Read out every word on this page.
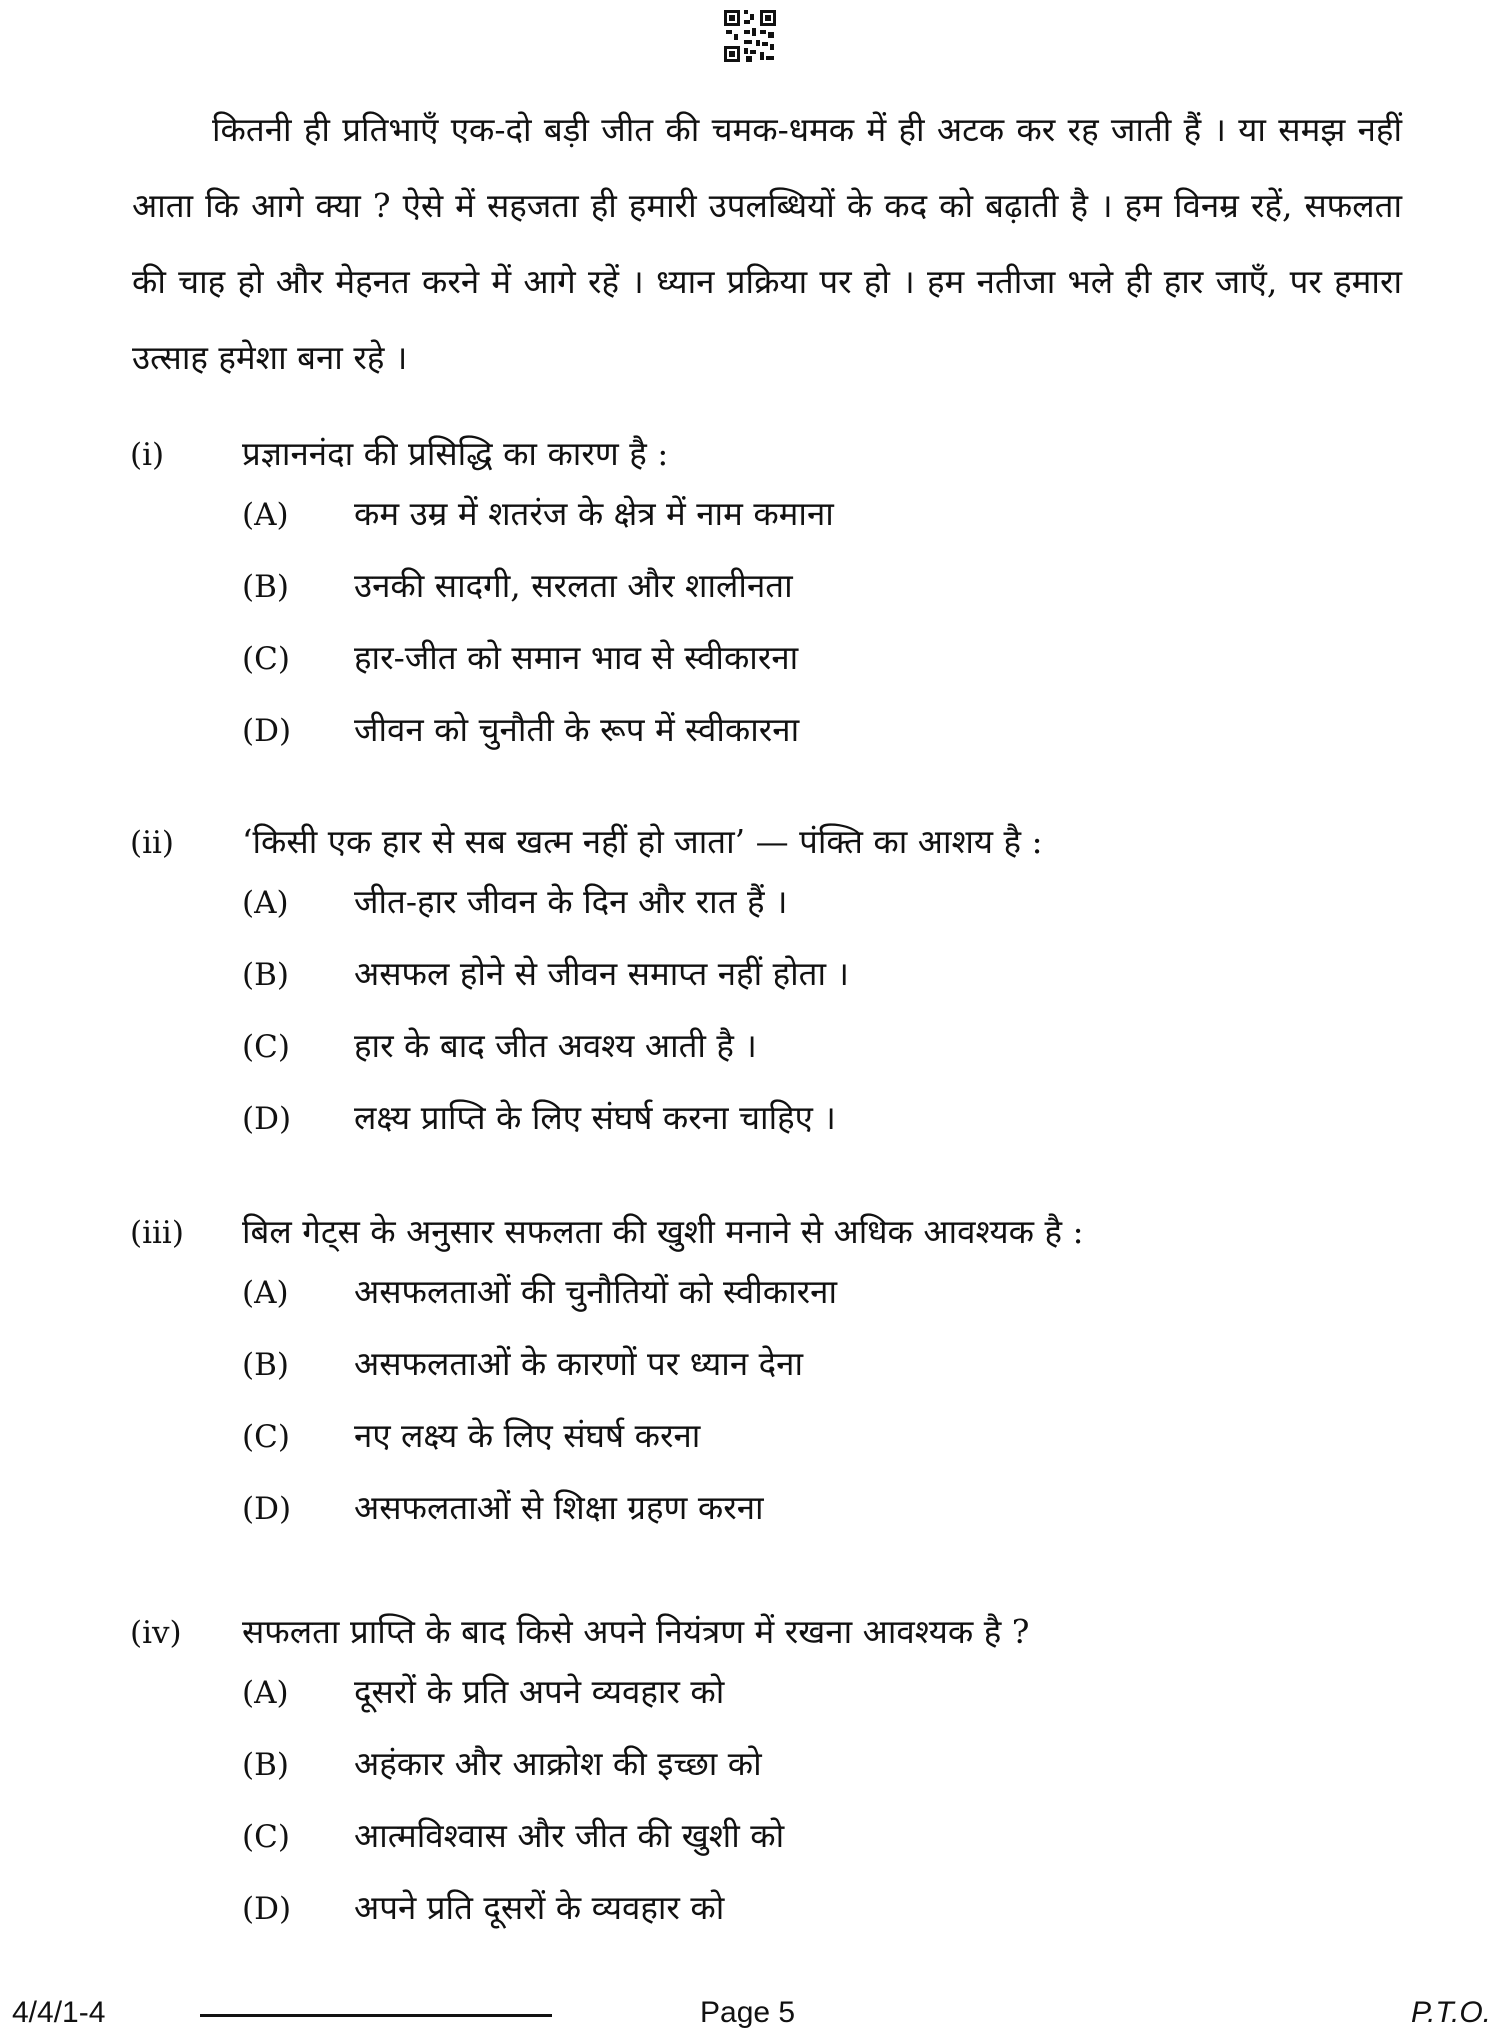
कितनी ही प्रतिभाएँ एक-दो बड़ी जीत की चमक-धमक में ही अटक कर रह जाती हैं । या समझ नहीं आता कि आगे क्या ? ऐसे में सहजता ही हमारी उपलब्धियों के कद को बढ़ाती है । हम विनम्र रहें, सफलता की चाह हो और मेहनत करने में आगे रहें । ध्यान प्रक्रिया पर हो । हम नतीजा भले ही हार जाएँ, पर हमारा उत्साह हमेशा बना रहे ।

(i)	प्रज्ञाननंदा की प्रसिद्धि का कारण है :
(A)	कम उम्र में शतरंज के क्षेत्र में नाम कमाना
(B)	उनकी सादगी, सरलता और शालीनता
(C)	हार-जीत को समान भाव से स्वीकारना
(D)	जीवन को चुनौती के रूप में स्वीकारना
(ii)	‘किसी एक हार से सब खत्म नहीं हो जाता’ — पंक्ति का आशय है :
(A)	जीत-हार जीवन के दिन और रात हैं ।
(B)	असफल होने से जीवन समाप्त नहीं होता ।
(C)	हार के बाद जीत अवश्य आती है ।
(D)	लक्ष्य प्राप्ति के लिए संघर्ष करना चाहिए ।
(iii)	बिल गेट्स के अनुसार सफलता की खुशी मनाने से अधिक आवश्यक है :
(A)	असफलताओं की चुनौतियों को स्वीकारना
(B)	असफलताओं के कारणों पर ध्यान देना
(C)	नए लक्ष्य के लिए संघर्ष करना
(D)	असफलताओं से शिक्षा ग्रहण करना
(iv)	सफलता प्राप्ति के बाद किसे अपने नियंत्रण में रखना आवश्यक है ?
(A)	दूसरों के प्रति अपने व्यवहार को
(B)	अहंकार और आक्रोश की इच्छा को
(C)	आत्मविश्वास और जीत की खुशी को
(D)	अपने प्रति दूसरों के व्यवहार को
4/4/1-4	Page 5	P.T.O.
